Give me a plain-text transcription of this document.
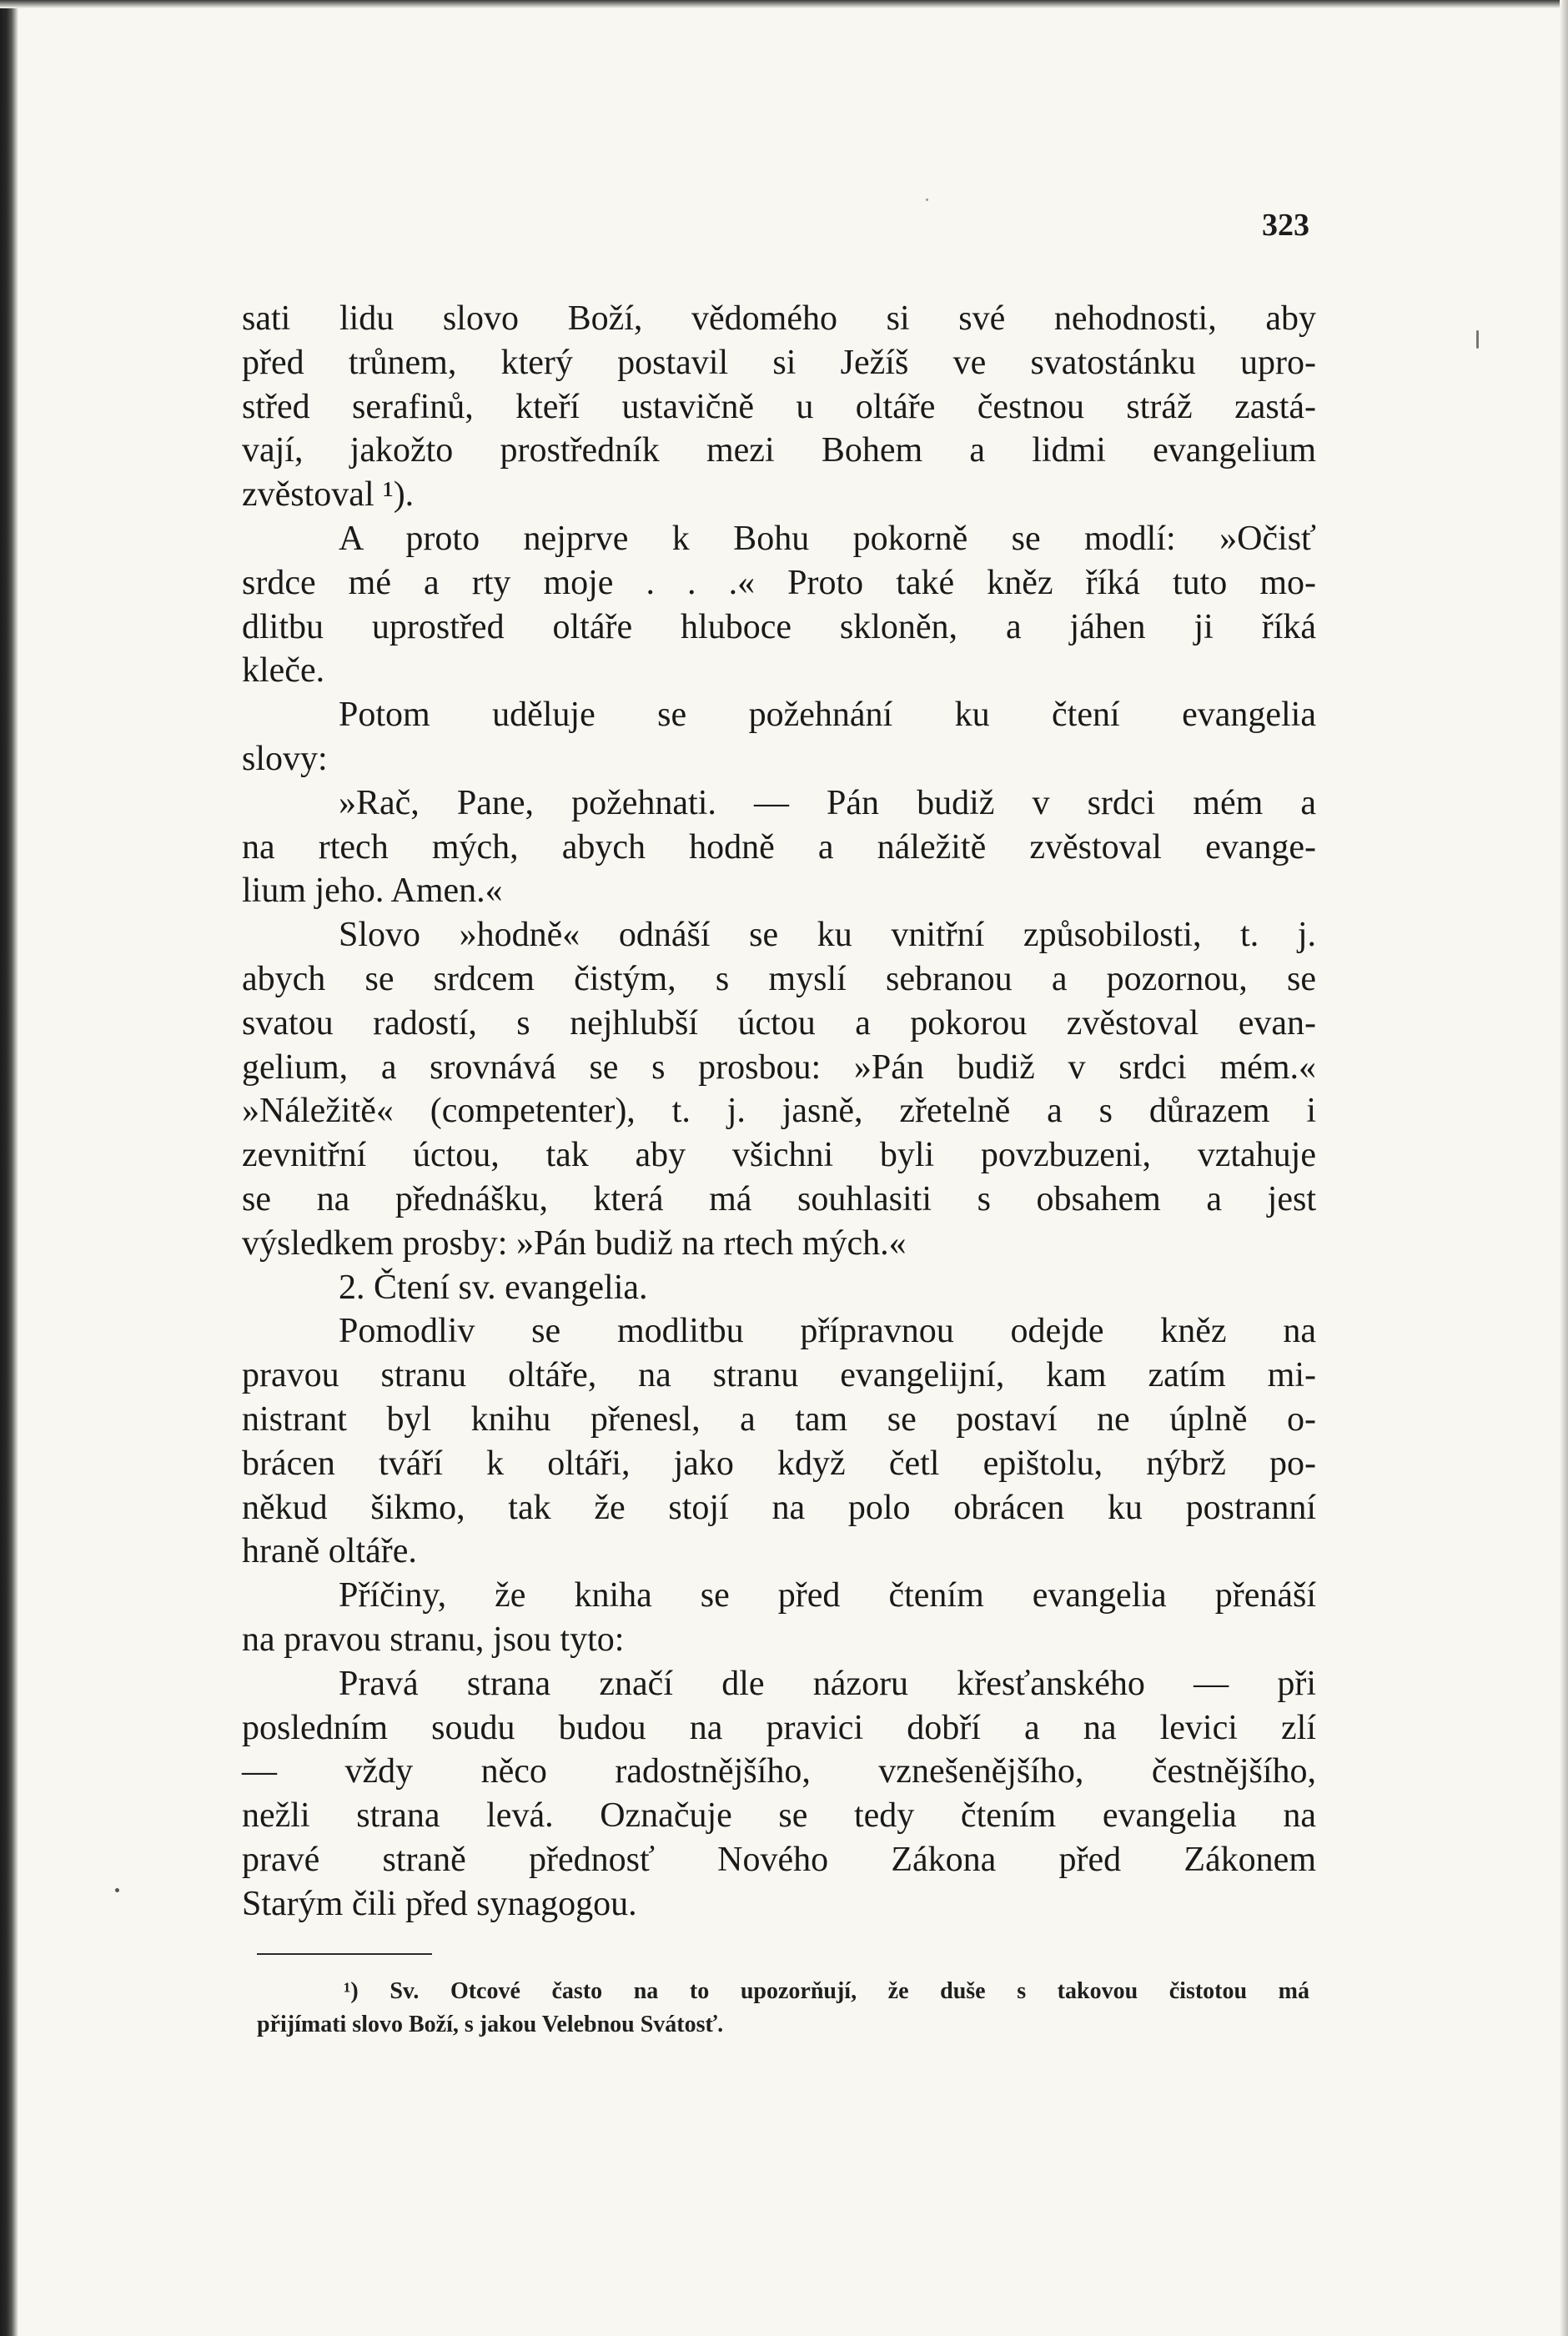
323
sati lidu slovo Boží, vědomého si své nehodnosti, aby
před trůnem, který postavil si Ježíš ve svatostánku upro-
střed serafinů, kteří ustavičně u oltáře čestnou stráž zastá-
vají, jakožto prostředník mezi Bohem a lidmi evangelium
zvěstoval ¹).
A proto nejprve k Bohu pokorně se modlí: »Očisť
srdce mé a rty moje . . .« Proto také kněz říká tuto mo-
dlitbu uprostřed oltáře hluboce skloněn, a jáhen ji říká
kleče.
Potom uděluje se požehnání ku čtení evangelia
slovy:
»Rač, Pane, požehnati. — Pán budiž v srdci mém a
na rtech mých, abych hodně a náležitě zvěstoval evange-
lium jeho. Amen.«
Slovo »hodně« odnáší se ku vnitřní způsobilosti, t. j.
abych se srdcem čistým, s myslí sebranou a pozornou, se
svatou radostí, s nejhlubší úctou a pokorou zvěstoval evan-
gelium, a srovnává se s prosbou: »Pán budiž v srdci mém.«
»Náležitě« (competenter), t. j. jasně, zřetelně a s důrazem i
zevnitřní úctou, tak aby všichni byli povzbuzeni, vztahuje
se na přednášku, která má souhlasiti s obsahem a jest
výsledkem prosby: »Pán budiž na rtech mých.«
2. Čtení sv. evangelia.
Pomodliv se modlitbu přípravnou odejde kněz na
pravou stranu oltáře, na stranu evangelijní, kam zatím mi-
nistrant byl knihu přenesl, a tam se postaví ne úplně o-
brácen tváří k oltáři, jako když četl epištolu, nýbrž po-
někud šikmo, tak že stojí na polo obrácen ku postranní
hraně oltáře.
Příčiny, že kniha se před čtením evangelia přenáší
na pravou stranu, jsou tyto:
Pravá strana značí dle názoru křesťanského — při
posledním soudu budou na pravici dobří a na levici zlí
— vždy něco radostnějšího, vznešenějšího, čestnějšího,
nežli strana levá. Označuje se tedy čtením evangelia na
pravé straně přednosť Nového Zákona před Zákonem
Starým čili před synagogou.
¹) Sv. Otcové často na to upozorňují, že duše s takovou čistotou má
přijímati slovo Boží, s jakou Velebnou Svátosť.
